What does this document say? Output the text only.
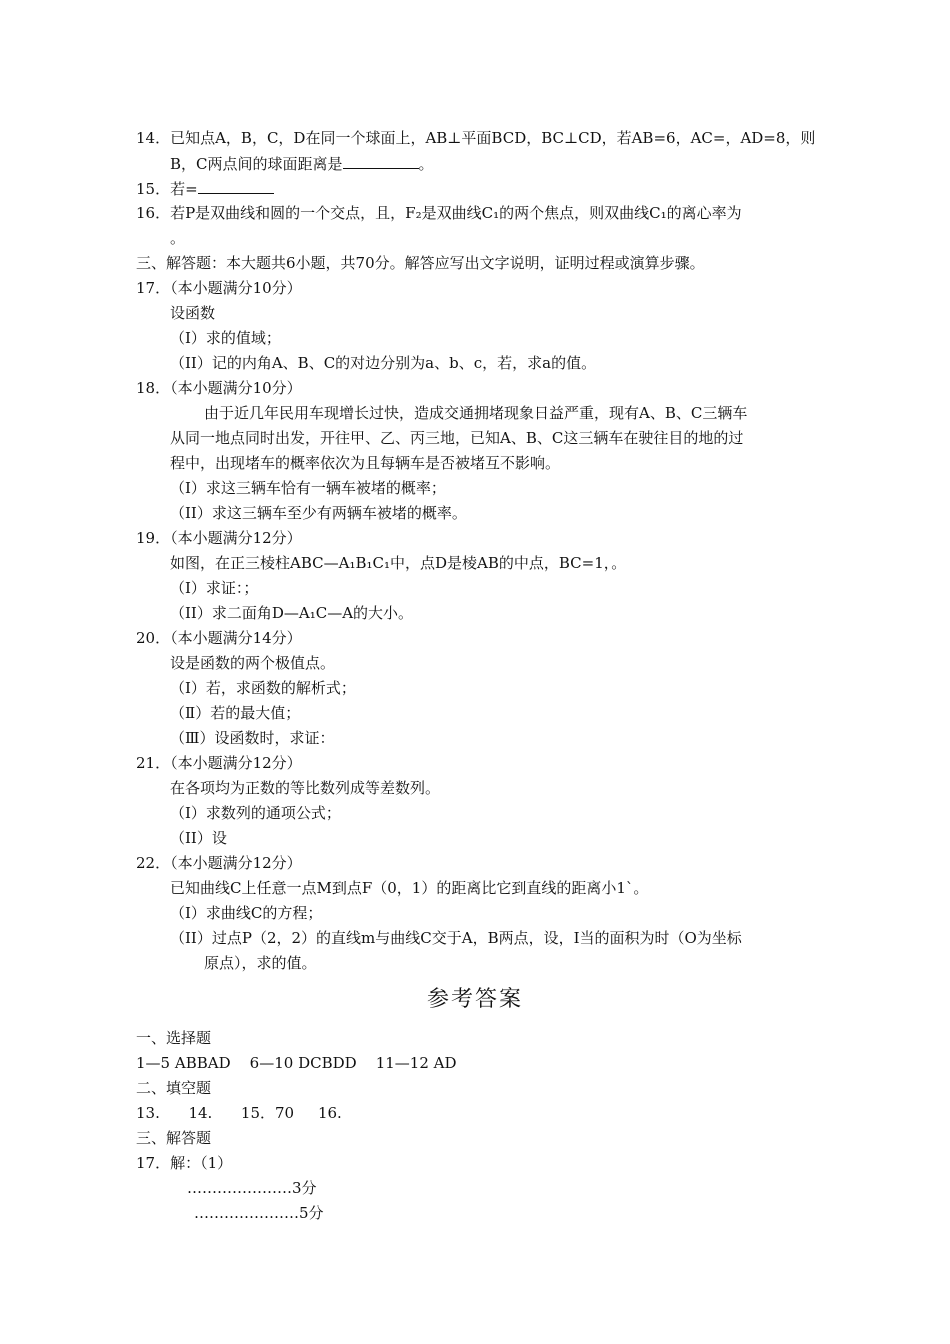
14．已知点A，B，C，D在同一个球面上，AB⊥平面BCD，BC⊥CD，若AB=6，AC=，AD=8，则
B，C两点间的球面距离是	。
15．若=
16．若P是双曲线和圆的一个交点，且，F₂是双曲线C₁的两个焦点，则双曲线C₁的离心率为
。
三、解答题：本大题共6小题，共70分。解答应写出文字说明，证明过程或演算步骤。
17．（本小题满分10分）
设函数
（I）求的值域；
（II）记的内角A、B、C的对边分别为a、b、c，若，求a的值。
18．（本小题满分10分）
由于近几年民用车现增长过快，造成交通拥堵现象日益严重，现有A、B、C三辆车
从同一地点同时出发，开往甲、乙、丙三地，已知A、B、C这三辆车在驶往目的地的过
程中，出现堵车的概率依次为且每辆车是否被堵互不影响。
（I）求这三辆车恰有一辆车被堵的概率；
（II）求这三辆车至少有两辆车被堵的概率。
19．（本小题满分12分）
如图，在正三棱柱ABC—A₁B₁C₁中，点D是棱AB的中点，BC=1，。
（I）求证：；
（II）求二面角D—A₁C—A的大小。
20．（本小题满分14分）
设是函数的两个极值点。
（Ⅰ）若，求函数的解析式；
（Ⅱ）若的最大值；
（Ⅲ）设函数时，求证：
21．（本小题满分12分）
在各项均为正数的等比数列成等差数列。
（I）求数列的通项公式；
（II）设
22．（本小题满分12分）
已知曲线C上任意一点M到点F（0，1）的距离比它到直线的距离小1`。
（I）求曲线C的方程；
（II）过点P（2，2）的直线m与曲线C交于A，B两点，设，I当的面积为时（O为坐标
原点），求的值。
参考答案
一、选择题
1—5 ABBAD    6—10 DCBDD    11—12 AD
二、填空题
13.      14.      15．70     16.
三、解答题
17．解：（1）
…………………3分
…………………5分
